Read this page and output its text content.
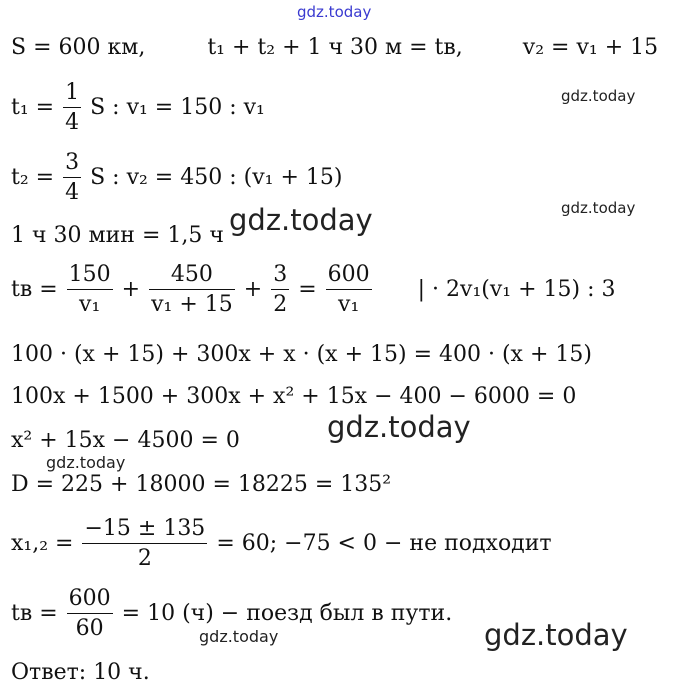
gdz.today
S = 600 км,	t₁ + t₂ + 1 ч 30 м = tв,	v₂ = v₁ + 15
gdz.today
$t_1 = \frac{1}{4}$ S : v₁ = 150 : v₁
$t_2 = \frac{3}{4}$ S : v₂ = 450 : (v₁ + 15)
gdz.today
gdz.today
1 ч 30 мин = 1,5 ч
tв = $\frac{150}{\text{v₁}} + \frac{450}{\text{v₁ + 15}} + \frac{3}{2} = \frac{600}{\text{v₁}}$ | · 2v₁(v₁ + 15) : 3
100 · (x + 15) + 300x + x · (x + 15) = 400 · (x + 15)
100x + 1500 + 300x + x² + 15x − 400 − 6000 = 0
gdz.today
x² + 15x − 4500 = 0
gdz.today
D = 225 + 18000 = 18225 = 135²
$x_1,_2 = \frac{-15 \pm 135}{2} = 60$; −75 < 0 − не подходит
tв = $\frac{600}{60} = 10$ (ч) − поезд был в пути.
gdz.today	gdz.today
Ответ: 10 ч.
